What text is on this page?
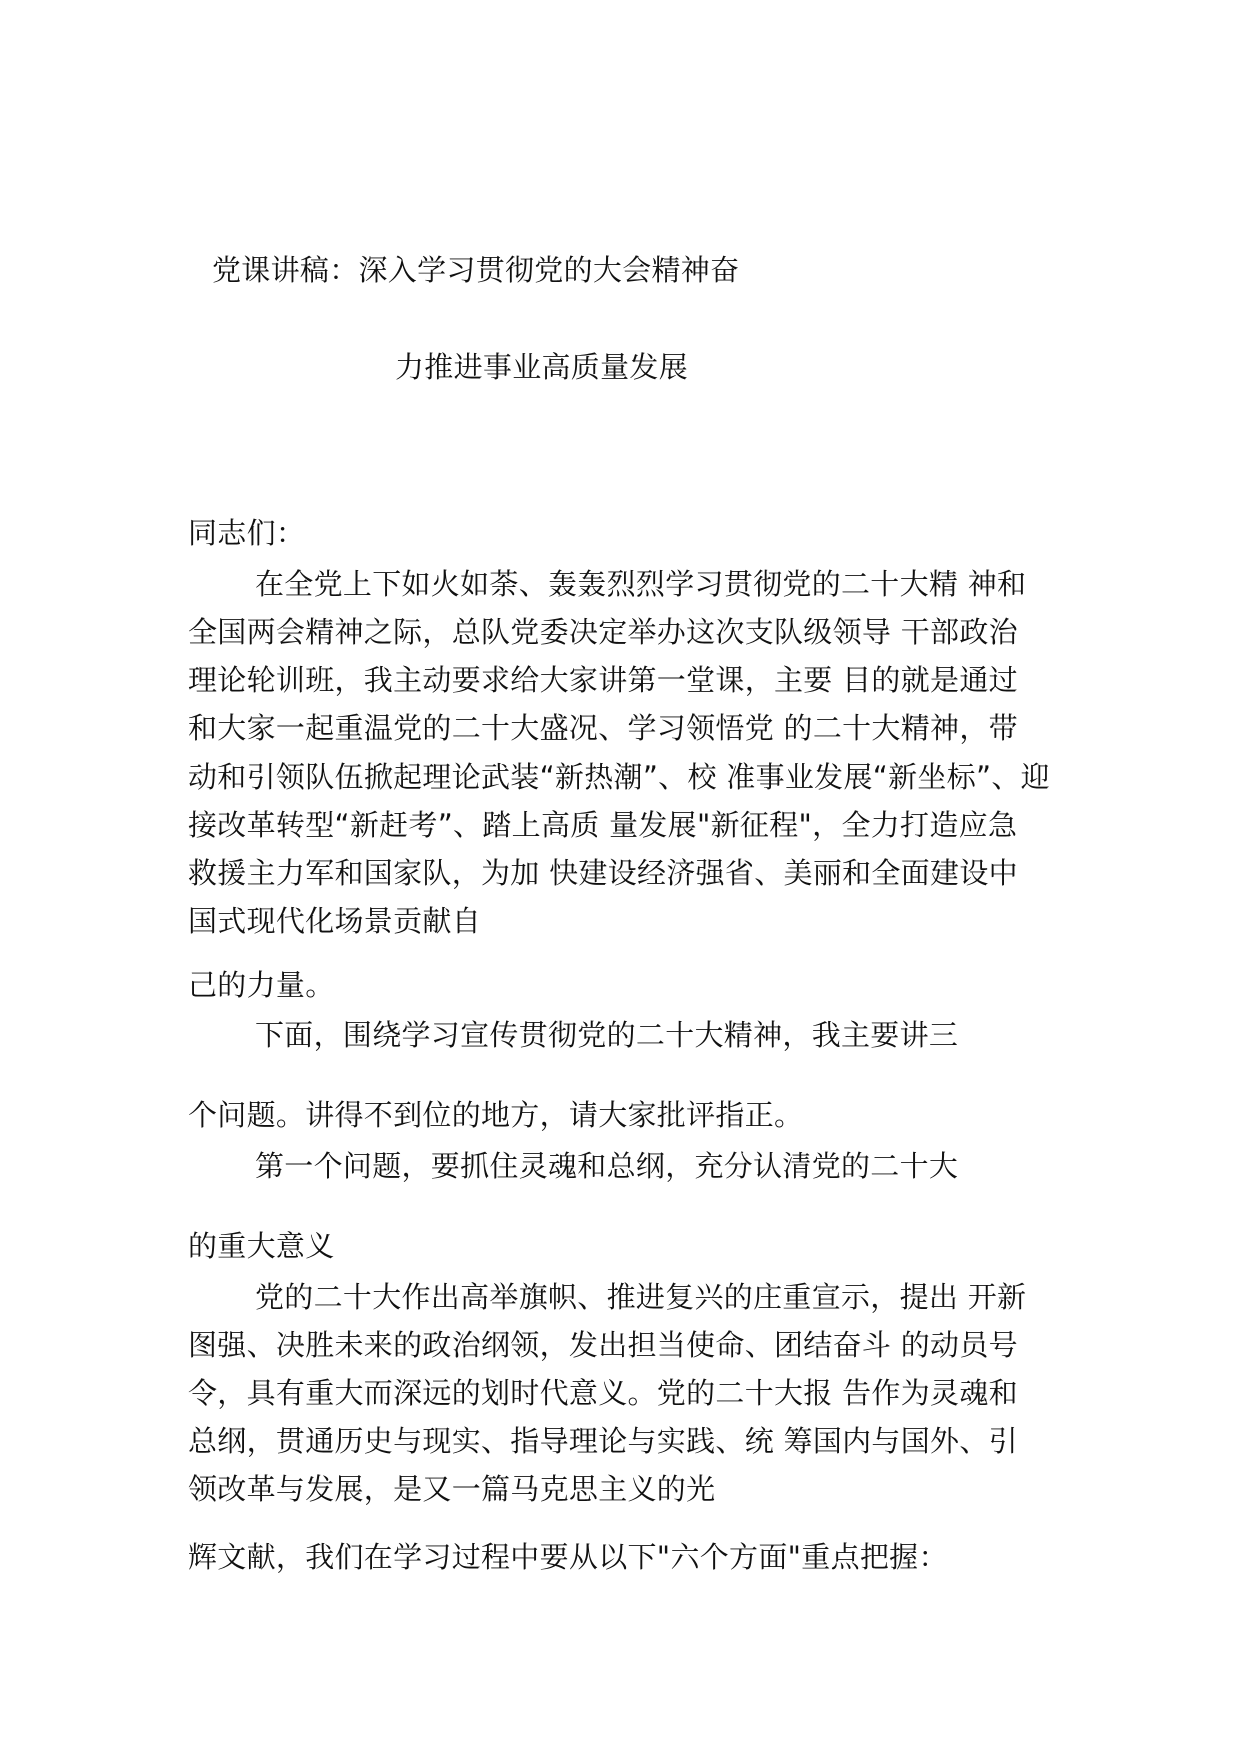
党课讲稿：深入学习贯彻党的大会精神奋
力推进事业高质量发展
同志们：
在全党上下如火如荼、轰轰烈烈学习贯彻党的二十大精 神和
全国两会精神之际，总队党委决定举办这次支队级领导 干部政治
理论轮训班，我主动要求给大家讲第一堂课，主要 目的就是通过
和大家一起重温党的二十大盛况、学习领悟党 的二十大精神，带
动和引领队伍掀起理论武装“新热潮”、校 准事业发展“新坐标”、迎
接改革转型“新赶考”、踏上高质 量发展"新征程"，全力打造应急
救援主力军和国家队，为加 快建设经济强省、美丽和全面建设中
国式现代化场景贡献自
己的力量。
下面，围绕学习宣传贯彻党的二十大精神，我主要讲三
个问题。讲得不到位的地方，请大家批评指正。
第一个问题，要抓住灵魂和总纲，充分认清党的二十大
的重大意义
党的二十大作出高举旗帜、推进复兴的庄重宣示，提出 开新
图强、决胜未来的政治纲领，发出担当使命、团结奋斗 的动员号
令，具有重大而深远的划时代意义。党的二十大报 告作为灵魂和
总纲，贯通历史与现实、指导理论与实践、统 筹国内与国外、引
领改革与发展，是又一篇马克思主义的光
辉文献，我们在学习过程中要从以下"六个方面"重点把握：
